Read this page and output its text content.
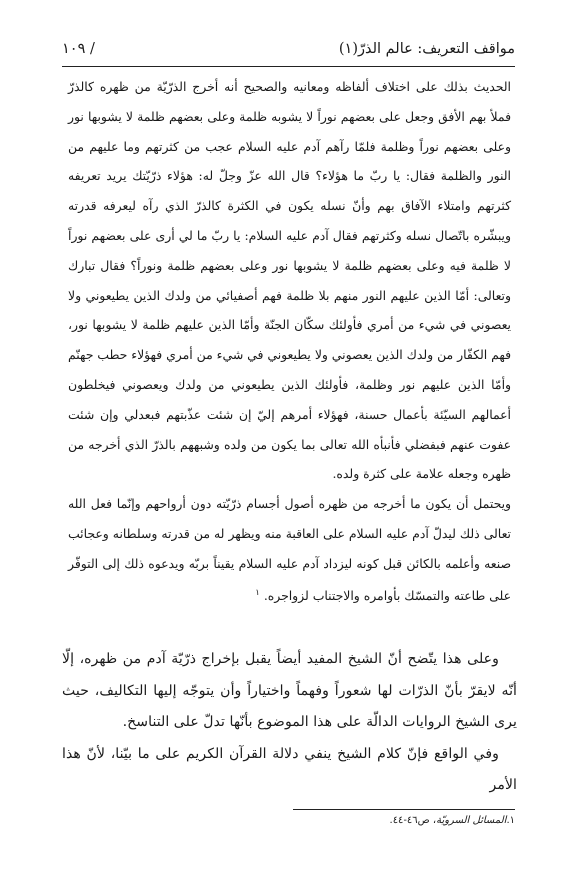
مواقف التعريف: عالم الذرّ(١)
/ ١٠٩

الحديث بذلك على اختلاف ألفاظه ومعانيه والصحيح أنه أخرج الذرّيّة من ظهره كالذرّ فملأ بهم الأفق وجعل على بعضهم نوراً لا يشوبه ظلمة وعلى بعضهم ظلمة لا يشوبها نور وعلى بعضهم نوراً وظلمة فلمّا رآهم آدم عليه السلام عجب من كثرتهم وما عليهم من النور والظلمة فقال: يا ربّ ما هؤلاء؟ قال الله عزّ وجلّ له: هؤلاء ذرّيّتك يريد تعريفه كثرتهم وامتلاء الآفاق بهم وأنّ نسله يكون في الكثرة كالذرّ الذي رآه ليعرفه قدرته ويبشّره باتّصال نسله وكثرتهم فقال آدم عليه السلام: يا ربّ ما لي أرى على بعضهم نوراً لا ظلمة فيه وعلى بعضهم ظلمة لا يشوبها نور وعلى بعضهم ظلمة ونوراً؟ فقال تبارك وتعالى: أمّا الذين عليهم النور منهم بلا ظلمة فهم أصفيائي من ولدك الذين يطيعوني ولا يعصوني في شيء من أمري فأولئك سكّان الجنّة وأمّا الذين عليهم ظلمة لا يشوبها نور، فهم الكفّار من ولدك الذين يعصوني ولا يطيعوني في شيء من أمري فهؤلاء حطب جهنّم وأمّا الذين عليهم نور وظلمة، فأولئك الذين يطيعوني من ولدك ويعصوني فيخلطون أعمالهم السيّئة بأعمال حسنة، فهؤلاء أمرهم إليّ إن شئت عذّبتهم فبعدلي وإن شئت عفوت عنهم فبفضلي فأنبأه الله تعالى بما يكون من ولده وشبههم بالذرّ الذي أخرجه من ظهره وجعله علامة على كثرة ولده.

ويحتمل أن يكون ما أخرجه من ظهره أصول أجسام ذرّيّته دون أرواحهم وإنّما فعل الله تعالى ذلك ليدلّ آدم عليه السلام على العاقبة منه ويظهر له من قدرته وسلطانه وعجائب صنعه وأعلمه بالكائن قبل كونه ليزداد آدم عليه السلام يقيناً بربّه ويدعوه ذلك إلى التوفّر على طاعته والتمسّك بأوامره والاجتناب لزواجره. $^١$

وعلى هذا يتّضح أنّ الشيخ المفيد أيضاً يقبل بإخراج ذرّيّة آدم من ظهره، إلّا أنّه لايقرّ بأنّ الذرّات لها شعوراً وفهماً واختياراً وأن يتوجّه إليها التكاليف، حيث يرى الشيخ الروايات الدالّة على هذا الموضوع بأنّها تدلّ على التناسخ.

وفي الواقع فإنّ كلام الشيخ ينفي دلالة القرآن الكريم على ما بيّنا، لأنّ هذا الأمر

١.المسائل السرويّة، ص٤٦-٤٤.
